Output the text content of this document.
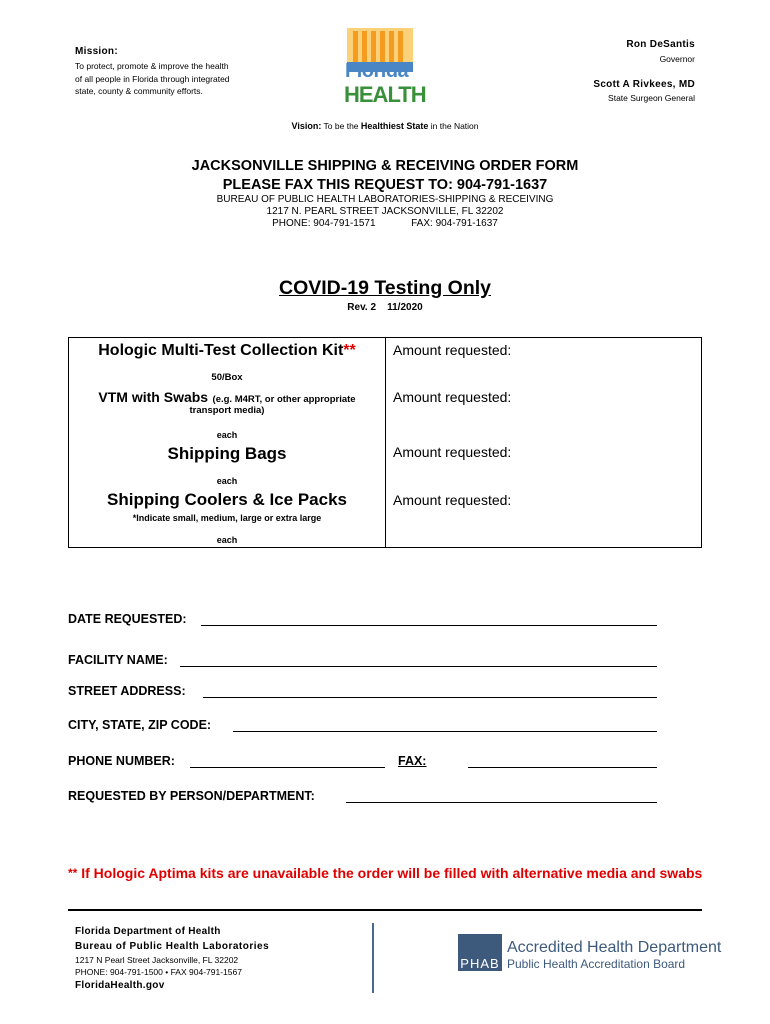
Mission:
To protect, promote & improve the health of all people in Florida through integrated state, county & community efforts.
Florida
HEALTH
Ron DeSantis
Governor
Scott A Rivkees, MD
State Surgeon General
Vision: To be the Healthiest State in the Nation
JACKSONVILLE SHIPPING & RECEIVING ORDER FORM
PLEASE FAX THIS REQUEST TO: 904-791-1637
BUREAU OF PUBLIC HEALTH LABORATORIES-SHIPPING & RECEIVING
1217 N. PEARL STREET JACKSONVILLE, FL 32202
PHONE: 904-791-1571	FAX: 904-791-1637
COVID-19 Testing Only
Rev. 2    11/2020
Hologic Multi-Test Collection Kit**
50/Box
Amount requested:
VTM with Swabs (e.g. M4RT, or other appropriate
transport media)
each
Amount requested:
Shipping Bags
each
Amount requested:
Shipping Coolers & Ice Packs
*Indicate small, medium, large or extra large
each
Amount requested:
DATE REQUESTED:
FACILITY NAME:
STREET ADDRESS:
CITY, STATE, ZIP CODE:
PHONE NUMBER:	FAX:
REQUESTED BY PERSON/DEPARTMENT:
** If Hologic Aptima kits are unavailable the order will be filled with alternative media and swabs
Florida Department of Health
Bureau of Public Health Laboratories
1217 N Pearl Street Jacksonville, FL 32202
PHONE: 904-791-1500 • FAX 904-791-1567
FloridaHealth.gov
PHAB
Accredited Health Department
Public Health Accreditation Board
